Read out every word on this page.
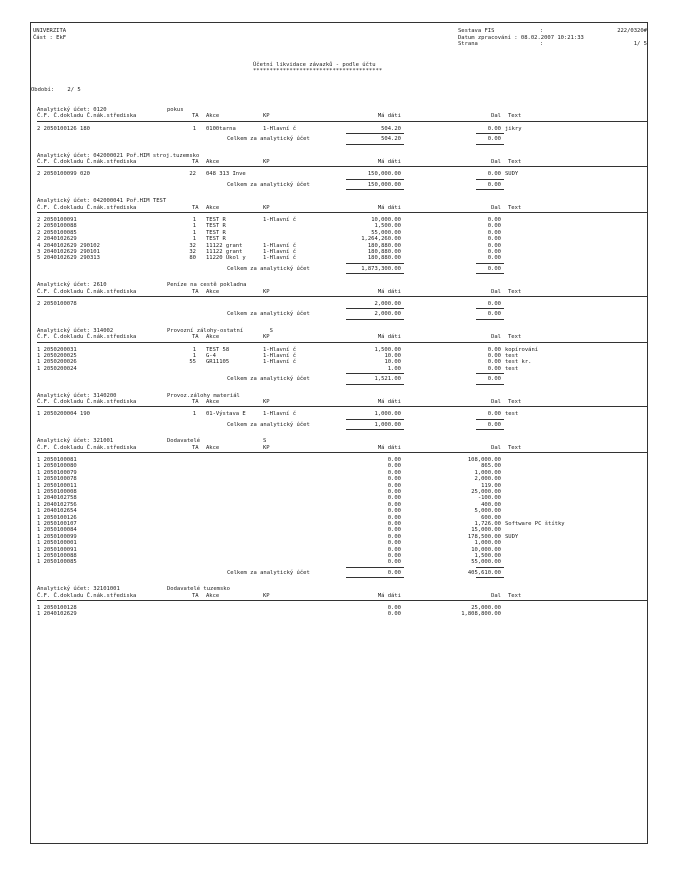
UNIVERZITA
Část : EkF
Sestava FIS	:	222/0320#
Datum zpracování : 08.02.2007 10:21:33
Strana	:	1/ 5
Účetní likvidace závazků - podle účtu
***************************************
Období:    2/ 5
Analytický účet: 0120	pokus
Č.F. Č.dokladu Č.nák.střediska	TA Akce	KP	Má dáti	Dal Text
2 2050100126 180	1 0100tarna	1-Hlavní č	504.20	0.00 jikry
Celkem za analytický účet	504.20	0.00
Analytický účet: 042000021 Poř.HIM stroj.tuzemsko
Č.F. Č.dokladu Č.nák.střediska	TA Akce	KP	Má dáti	Dal Text
2 2050100099 020	22 048 313 Inve	150,000.00	0.00 SUDY
Celkem za analytický účet	150,000.00	0.00
Analytický účet: 042000041 Poř.HIM TEST
Č.F. Č.dokladu Č.nák.střediska	TA Akce	KP	Má dáti	Dal Text
2 2050100091	1 TEST R	1-Hlavní č	10,000.00	0.00
2 2050100088	1 TEST R	1,500.00	0.00
2 2050100085	1 TEST R	55,000.00	0.00
2 2040102629	1 TEST R	1,264,260.00	0.00
4 2040102629 290102	32 11122 grant	1-Hlavní č	180,880.00	0.00
3 2040102629 290101	32 11122 grant	1-Hlavní č	180,880.00	0.00
5 2040102629 290313	80 11220 Úkol y	1-Hlavní č	180,880.00	0.00
Celkem za analytický účet	1,873,300.00	0.00
Analytický účet: 2610	Peníze na cestě pokladna
Č.F. Č.dokladu Č.nák.střediska	TA Akce	KP	Má dáti	Dal Text
2 2050100078	2,000.00	0.00
Celkem za analytický účet	2,000.00	0.00
Analytický účet: 314002	Provozní zálohy-ostatní        S
Č.F. Č.dokladu Č.nák.střediska	TA Akce	KP	Má dáti	Dal Text
1 2050200031	1 TEST 58	1-Hlavní č	1,500.00	0.00 kopírování
1 2050200025	1 G-4	1-Hlavní č	10.00	0.00 test
1 2050200026	55 GR11105	1-Hlavní č	10.00	0.00 test kr.
1 2050200024	1.00	0.00 test
Celkem za analytický účet	1,521.00	0.00
Analytický účet: 3140200	Provoz.zálohy materiál
Č.F. Č.dokladu Č.nák.střediska	TA Akce	KP	Má dáti	Dal Text
1 2050200004 190	1 01-Výstava E	1-Hlavní č	1,000.00	0.00 test
Celkem za analytický účet	1,000.00	0.00
Analytický účet: 321001	Dodavatelé                   S
Č.F. Č.dokladu Č.nák.střediska	TA Akce	KP	Má dáti	Dal Text
1 2050100081	0.00	108,000.00
1 2050100080	0.00	865.00
1 2050100079	0.00	1,000.00
1 2050100078	0.00	2,000.00
1 2050100011	0.00	119.00
1 2050100008	0.00	25,000.00
1 2040102758	0.00	-100.00
1 2040102756	0.00	400.00
1 2040102654	0.00	5,000.00
1 2050100126	0.00	600.00
1 2050100107	0.00	1,726.00 Software PC štítky
1 2050100084	0.00	15,000.00
1 2050100099	0.00	178,500.00 SUDY
1 2050100001	0.00	1,000.00
1 2050100091	0.00	10,000.00
1 2050100088	0.00	1,500.00
1 2050100085	0.00	55,000.00
Celkem za analytický účet	0.00	405,610.00
Analytický účet: 32101001	Dodavatelé tuzemsko
Č.F. Č.dokladu Č.nák.střediska	TA Akce	KP	Má dáti	Dal Text
1 2050100128	0.00	25,000.00
1 2040102629	0.00	1,808,800.00
